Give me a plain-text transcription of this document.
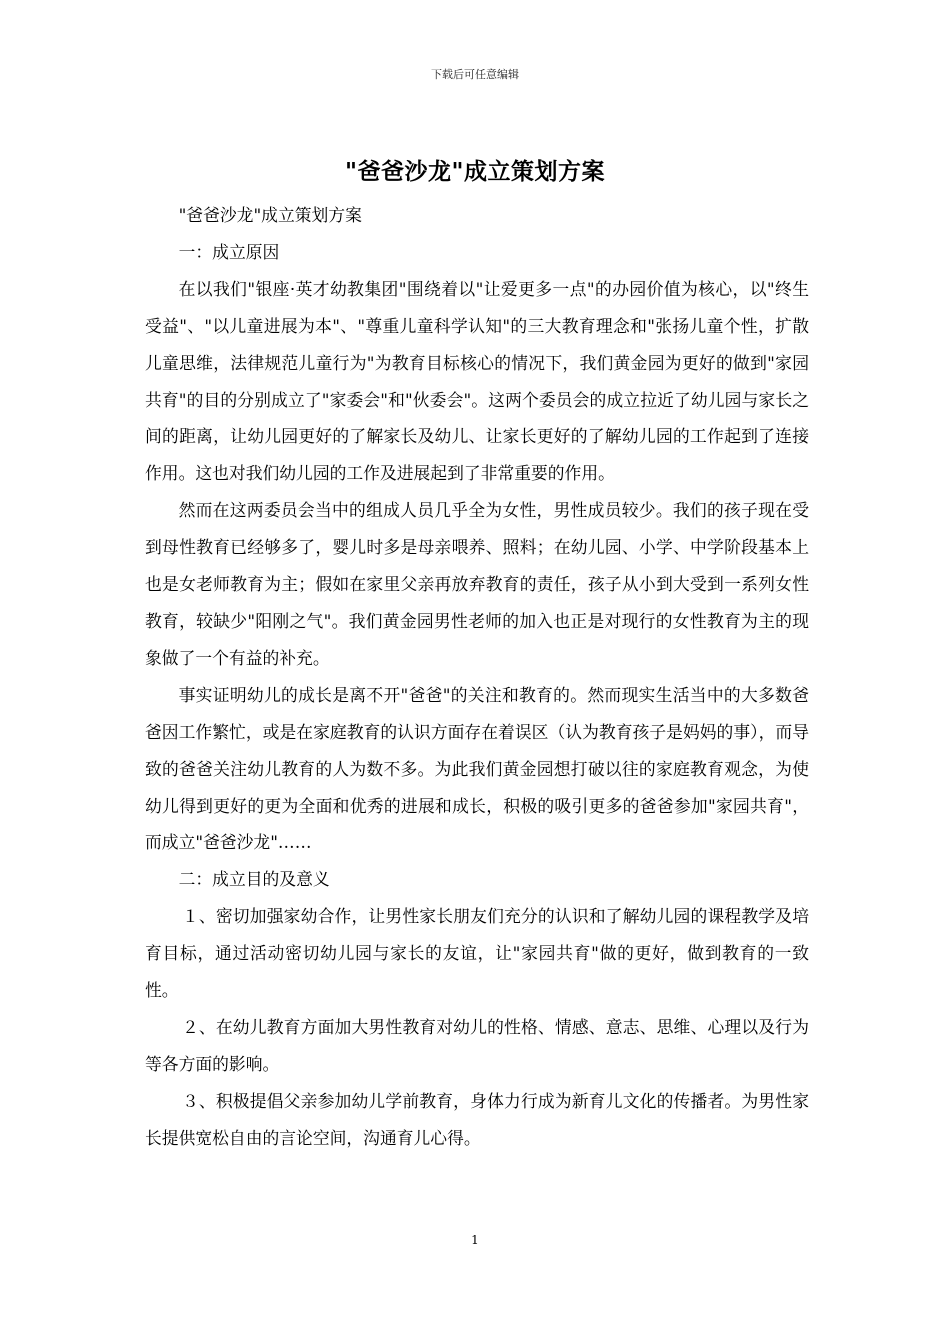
下载后可任意编辑
"爸爸沙龙"成立策划方案

"爸爸沙龙"成立策划方案

一：成立原因

在以我们"银座·英才幼教集团"围绕着以"让爱更多一点"的办园价值为核心，以"终生受益"、"以儿童进展为本"、"尊重儿童科学认知"的三大教育理念和"张扬儿童个性，扩散儿童思维，法律规范儿童行为"为教育目标核心的情况下，我们黄金园为更好的做到"家园共育"的目的分别成立了"家委会"和"伙委会"。这两个委员会的成立拉近了幼儿园与家长之间的距离，让幼儿园更好的了解家长及幼儿、让家长更好的了解幼儿园的工作起到了连接作用。这也对我们幼儿园的工作及进展起到了非常重要的作用。

然而在这两委员会当中的组成人员几乎全为女性，男性成员较少。我们的孩子现在受到母性教育已经够多了，婴儿时多是母亲喂养、照料；在幼儿园、小学、中学阶段基本上也是女老师教育为主；假如在家里父亲再放弃教育的责任，孩子从小到大受到一系列女性教育，较缺少"阳刚之气"。我们黄金园男性老师的加入也正是对现行的女性教育为主的现象做了一个有益的补充。

事实证明幼儿的成长是离不开"爸爸"的关注和教育的。然而现实生活当中的大多数爸爸因工作繁忙，或是在家庭教育的认识方面存在着误区（认为教育孩子是妈妈的事），而导致的爸爸关注幼儿教育的人为数不多。为此我们黄金园想打破以往的家庭教育观念，为使幼儿得到更好的更为全面和优秀的进展和成长，积极的吸引更多的爸爸参加"家园共育"，而成立"爸爸沙龙"……

二：成立目的及意义

１、密切加强家幼合作，让男性家长朋友们充分的认识和了解幼儿园的课程教学及培育目标，通过活动密切幼儿园与家长的友谊，让"家园共育"做的更好，做到教育的一致性。

２、在幼儿教育方面加大男性教育对幼儿的性格、情感、意志、思维、心理以及行为等各方面的影响。

３、积极提倡父亲参加幼儿学前教育，身体力行成为新育儿文化的传播者。为男性家长提供宽松自由的言论空间，沟通育儿心得。

1
